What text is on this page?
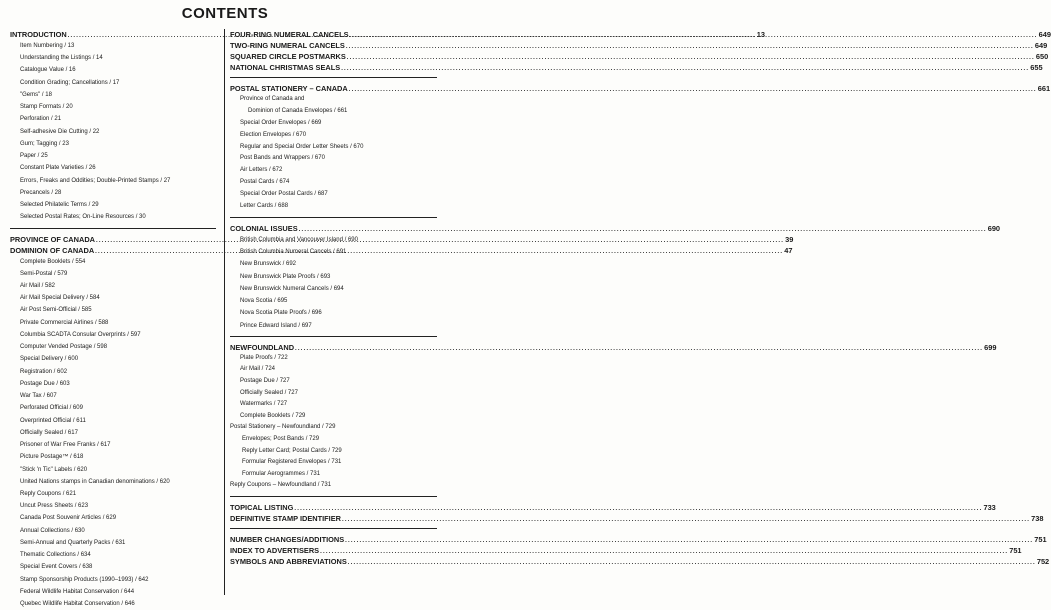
CONTENTS
INTRODUCTION .....	13
Item Numbering / 13
Understanding the Listings / 14
Catalogue Value / 16
Condition Grading; Cancellations / 17
"Gems" / 18
Stamp Formats / 20
Perforation / 21
Self-adhesive Die Cutting / 22
Gum; Tagging / 23
Paper / 25
Constant Plate Varieties / 26
Errors, Freaks and Oddities; Double-Printed Stamps / 27
Precancels / 28
Selected Philatelic Terms / 29
Selected Postal Rates; On-Line Resources / 30
PROVINCE OF CANADA .....	39
DOMINION OF CANADA .....	47
Complete Booklets / 554
Semi-Postal / 579
Air Mail / 582
Air Mail Special Delivery / 584
Air Post Semi-Official / 585
Private Commercial Airlines / 588
Columbia SCADTA Consular Overprints / 597
Computer Vended Postage / 598
Special Delivery / 600
Registration / 602
Postage Due / 603
War Tax / 607
Perforated Official / 609
Overprinted Official / 611
Officially Sealed / 617
Prisoner of War Free Franks / 617
Picture Postage™ / 618
"Stick 'n Tic" Labels / 620
United Nations stamps in Canadian denominations / 620
Reply Coupons / 621
Uncut Press Sheets / 623
Canada Post Souvenir Articles / 629
Annual Collections / 630
Semi-Annual and Quarterly Packs / 631
Thematic Collections / 634
Special Event Covers / 638
Stamp Sponsorship Products (1990–1993) / 642
Federal Wildlife Habitat Conservation / 644
Quebec Wildlife Habitat Conservation / 646
FOUR-RING NUMERAL CANCELS .....	649
TWO-RING NUMERAL CANCELS .....	649
SQUARED CIRCLE POSTMARKS .....	650
NATIONAL CHRISTMAS SEALS .....	655
POSTAL STATIONERY – CANADA .....	661
Province of Canada and
Dominion of Canada Envelopes / 661
Special Order Envelopes / 669
Election Envelopes / 670
Regular and Special Order Letter Sheets / 670
Post Bands and Wrappers / 670
Air Letters / 672
Postal Cards / 674
Special Order Postal Cards / 687
Letter Cards / 688
COLONIAL ISSUES .....	690
British Columbia and Vancouver Island / 690
British Columbia Numeral Cancels / 691
New Brunswick / 692
New Brunswick Plate Proofs / 693
New Brunswick Numeral Cancels / 694
Nova Scotia / 695
Nova Scotia Plate Proofs / 696
Prince Edward Island / 697
NEWFOUNDLAND .....	699
Plate Proofs / 722
Air Mail / 724
Postage Due / 727
Officially Sealed / 727
Watermarks / 727
Complete Booklets / 729
Postal Stationery – Newfoundland / 729
Envelopes; Post Bands / 729
Reply Letter Card; Postal Cards / 729
Formular Registered Envelopes / 731
Formular Aerogrammes / 731
Reply Coupons – Newfoundland / 731
TOPICAL LISTING .....	733
DEFINITIVE STAMP IDENTIFIER .....	738
NUMBER CHANGES/ADDITIONS .....	751
INDEX TO ADVERTISERS .....	751
SYMBOLS AND ABBREVIATIONS .....	752
